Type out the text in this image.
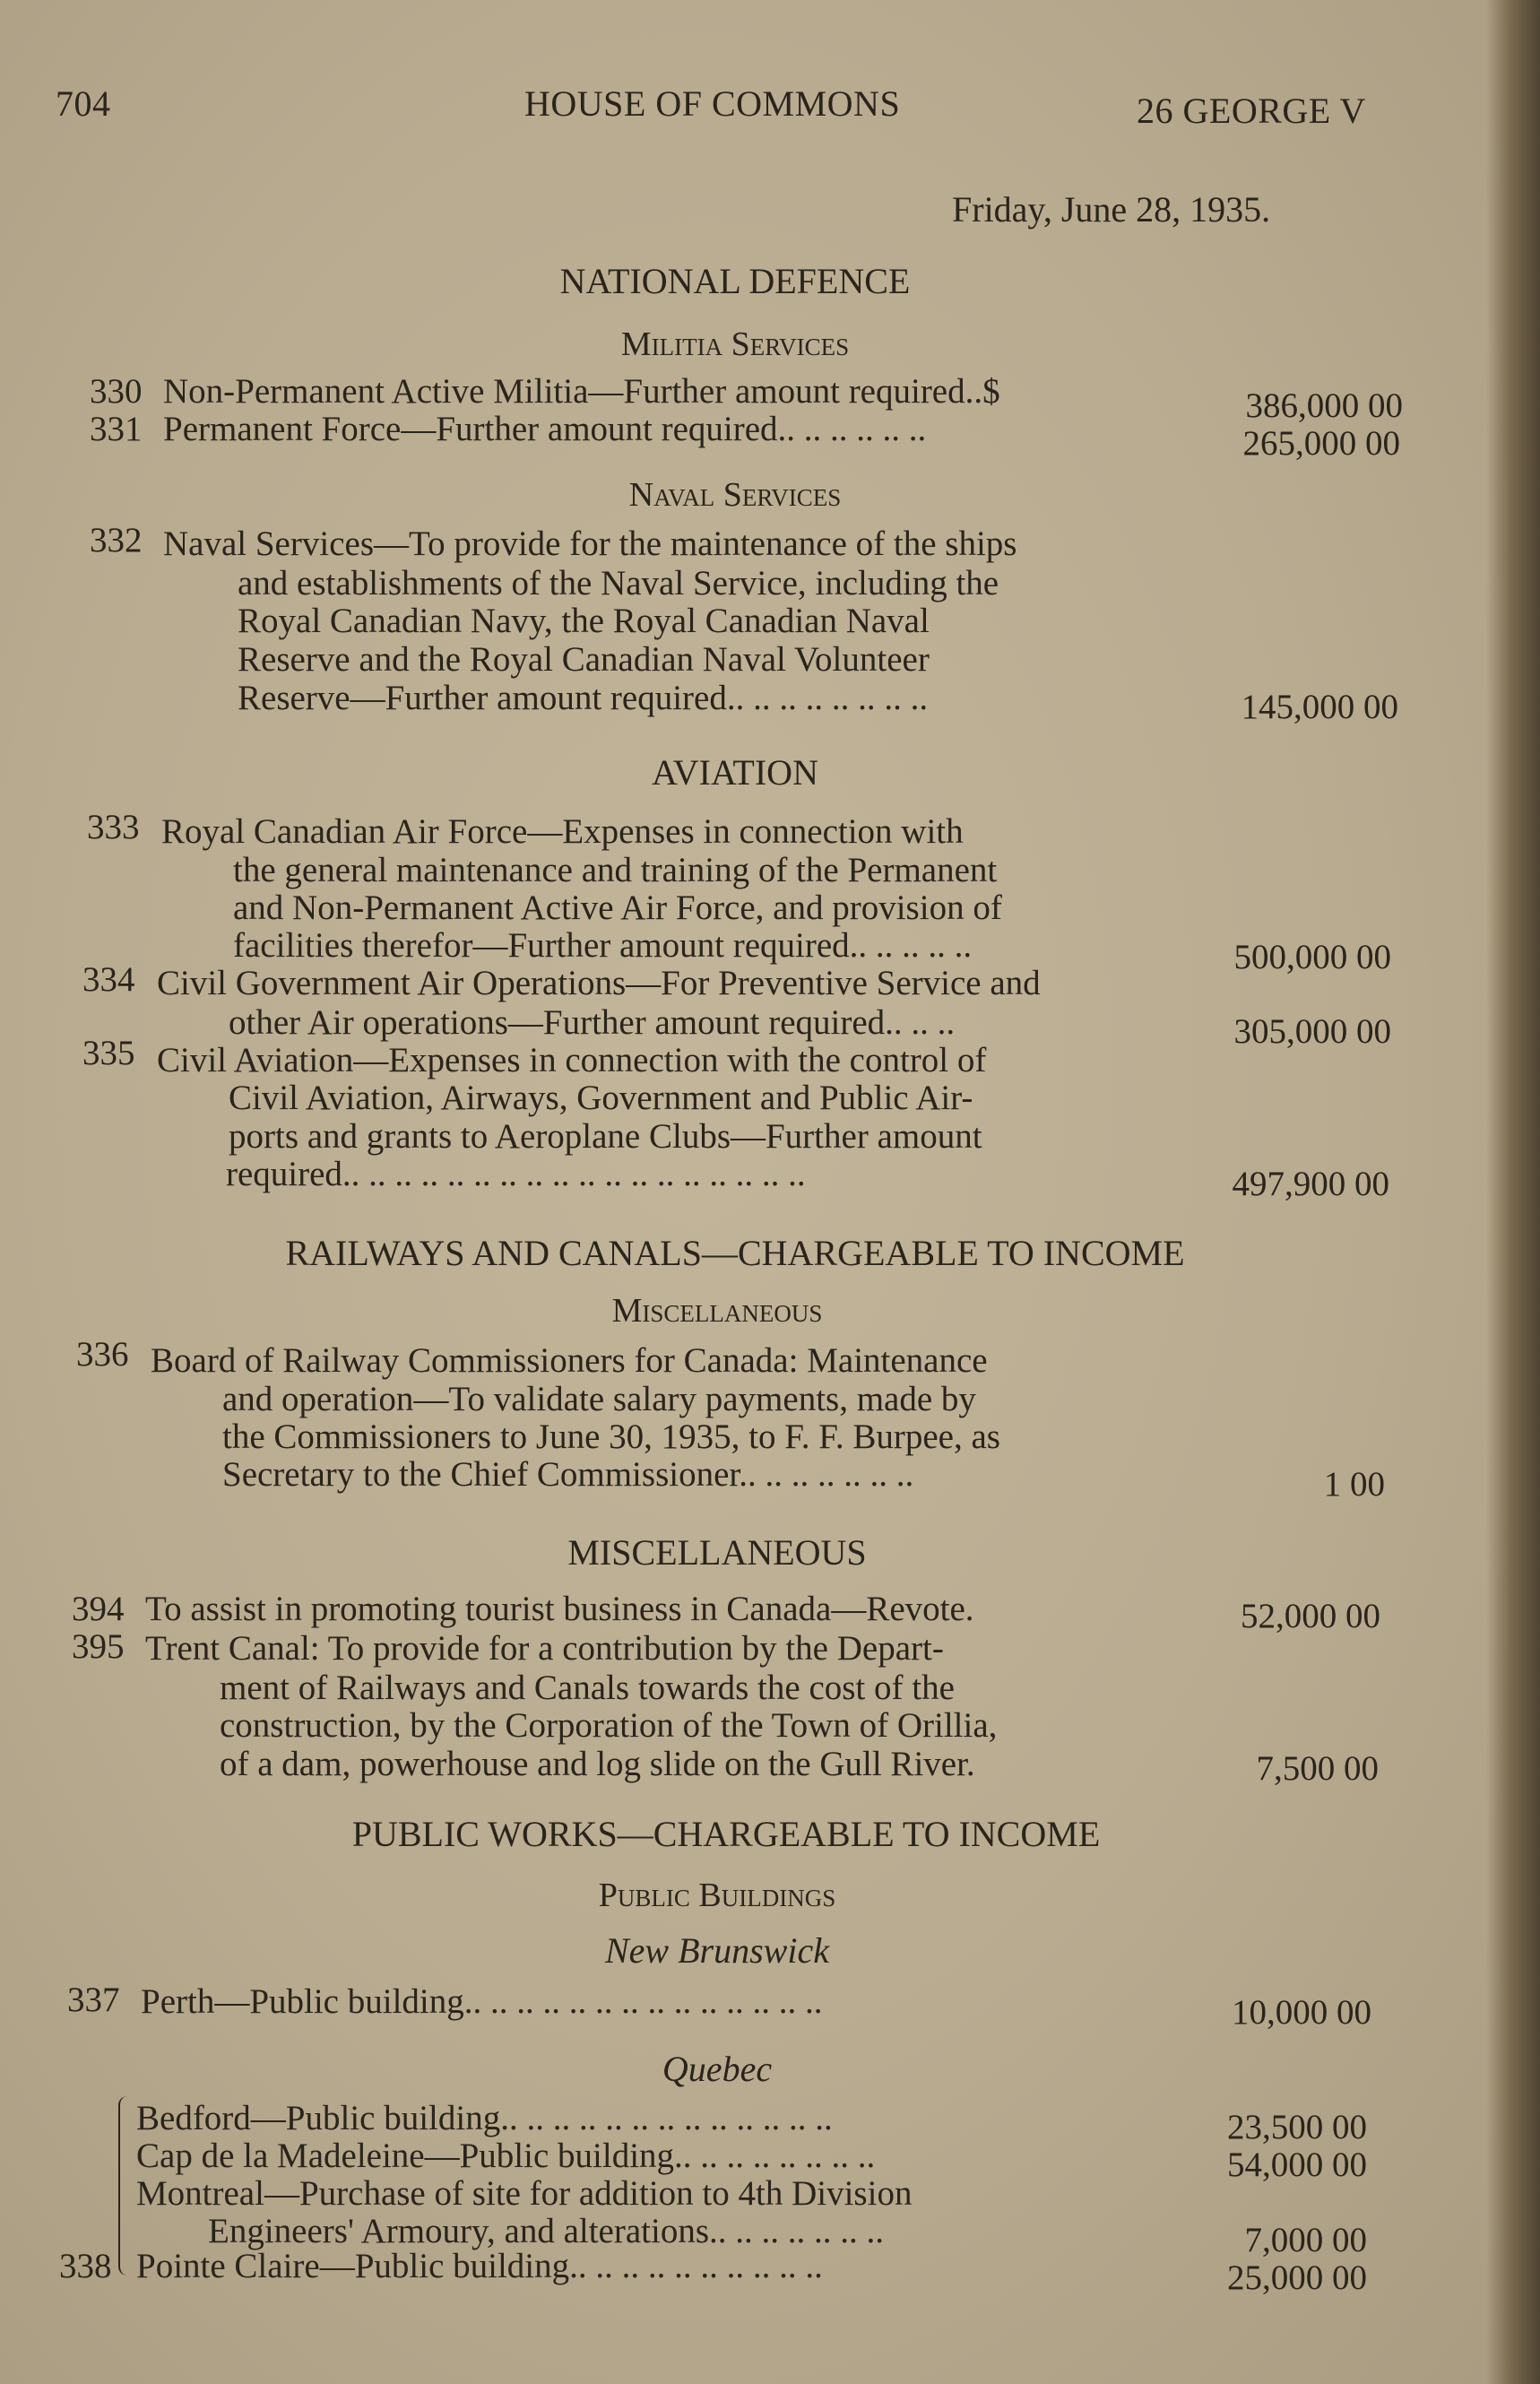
704	HOUSE OF COMMONS	26 GEORGE V
Friday, June 28, 1935.
NATIONAL DEFENCE
Militia Services
330 Non-Permanent Active Militia—Further amount required..$	386,000 00
331 Permanent Force—Further amount required.. .. .. .. .. ..	265,000 00
Naval Services
332 Naval Services—To provide for the maintenance of the ships
and establishments of the Naval Service, including the
Royal Canadian Navy, the Royal Canadian Naval
Reserve and the Royal Canadian Naval Volunteer
Reserve—Further amount required.. .. .. .. .. .. .. ..	145,000 00
AVIATION
333 Royal Canadian Air Force—Expenses in connection with
the general maintenance and training of the Permanent
and Non-Permanent Active Air Force, and provision of
facilities therefor—Further amount required.. .. .. .. ..	500,000 00
334 Civil Government Air Operations—For Preventive Service and
other Air operations—Further amount required.. .. ..	305,000 00
335 Civil Aviation—Expenses in connection with the control of
Civil Aviation, Airways, Government and Public Air-
ports and grants to Aeroplane Clubs—Further amount
required.. .. .. .. .. .. .. .. .. .. .. .. .. .. .. .. .. ..	497,900 00
RAILWAYS AND CANALS—CHARGEABLE TO INCOME
Miscellaneous
336 Board of Railway Commissioners for Canada: Maintenance
and operation—To validate salary payments, made by
the Commissioners to June 30, 1935, to F. F. Burpee, as
Secretary to the Chief Commissioner.. .. .. .. .. .. ..	1 00
MISCELLANEOUS
394 To assist in promoting tourist business in Canada—Revote.	52,000 00
395 Trent Canal: To provide for a contribution by the Depart-
ment of Railways and Canals towards the cost of the
construction, by the Corporation of the Town of Orillia,
of a dam, powerhouse and log slide on the Gull River.	7,500 00
PUBLIC WORKS—CHARGEABLE TO INCOME
Public Buildings
New Brunswick
337 Perth—Public building.. .. .. .. .. .. .. .. .. .. .. .. .. ..	10,000 00
Quebec
338
Bedford—Public building.. .. .. .. .. .. .. .. .. .. .. .. ..	23,500 00
Cap de la Madeleine—Public building.. .. .. .. .. .. .. ..	54,000 00
Montreal—Purchase of site for addition to 4th Division
Engineers' Armoury, and alterations.. .. .. .. .. .. ..	7,000 00
Pointe Claire—Public building.. .. .. .. .. .. .. .. .. ..	25,000 00
